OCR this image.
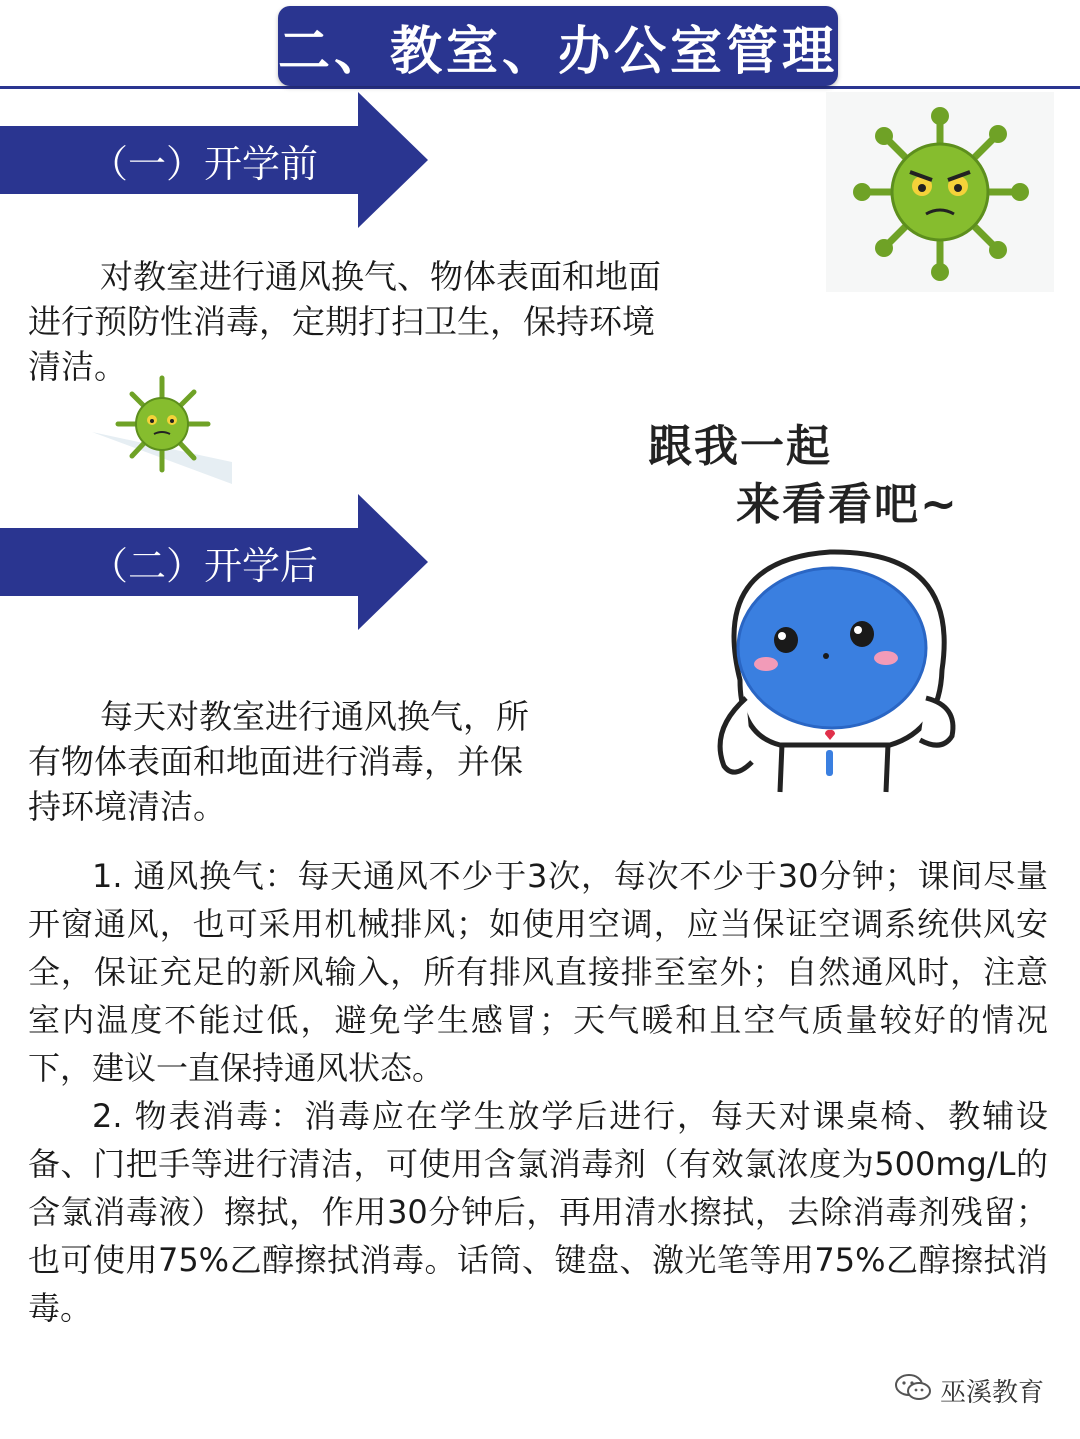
二、教室、办公室管理
（一）开学前
对教室进行通风换气、物体表面和地面
进行预防性消毒，定期打扫卫生，保持环境
清洁。
跟我一起
来看看吧~
（二）开学后
每天对教室进行通风换气，所
有物体表面和地面进行消毒，并保
持环境清洁。

1. 通风换气：每天通风不少于3次，每次不少于30分钟；课间尽量开窗通风，也可采用机械排风；如使用空调，应当保证空调系统供风安全，保证充足的新风输入，所有排风直接排至室外；自然通风时，注意室内温度不能过低，避免学生感冒；天气暖和且空气质量较好的情况下，建议一直保持通风状态。

2. 物表消毒：消毒应在学生放学后进行，每天对课桌椅、教辅设备、门把手等进行清洁，可使用含氯消毒剂（有效氯浓度为500mg/L的含氯消毒液）擦拭，作用30分钟后，再用清水擦拭，去除消毒剂残留；也可使用75%乙醇擦拭消毒。话筒、键盘、激光笔等用75%乙醇擦拭消毒。

巫溪教育
